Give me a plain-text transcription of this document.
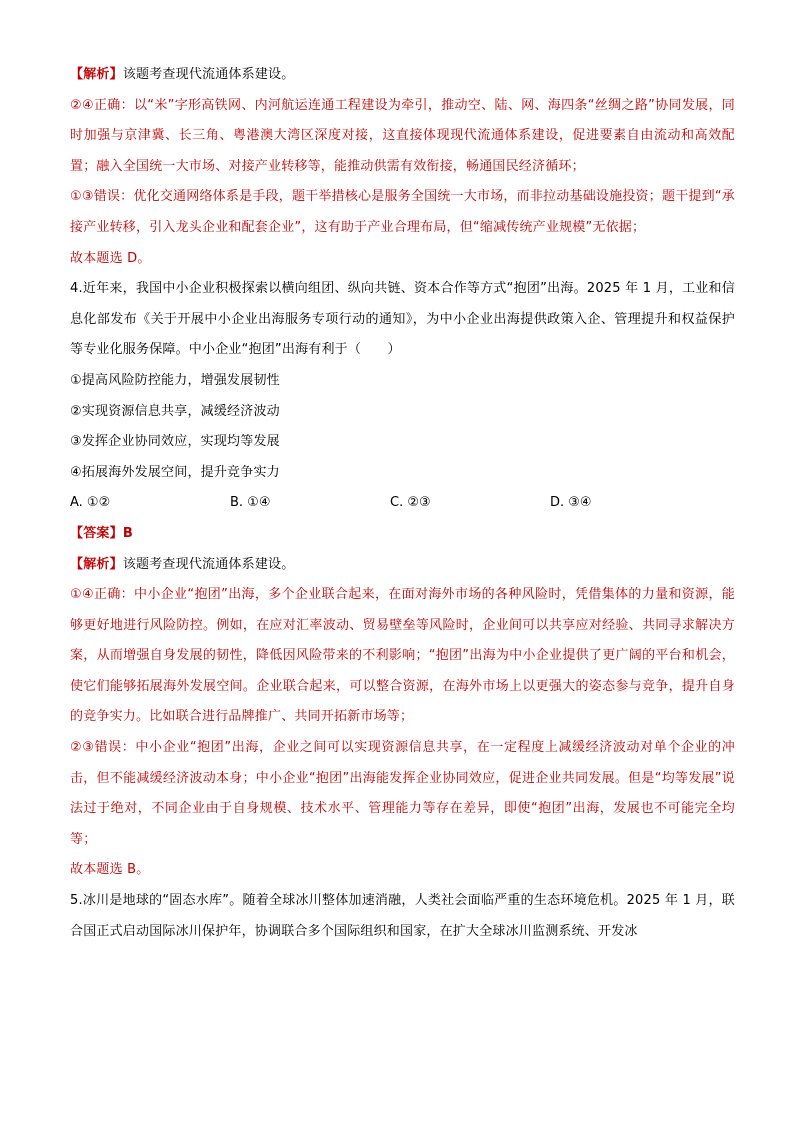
【解析】该题考查现代流通体系建设。

②④正确：以“米”字形高铁网、内河航运连通工程建设为牵引，推动空、陆、网、海四条“丝绸之路”协同发展，同时加强与京津冀、长三角、粤港澳大湾区深度对接，这直接体现现代流通体系建设，促进要素自由流动和高效配置；融入全国统一大市场、对接产业转移等，能推动供需有效衔接，畅通国民经济循环；

①③错误：优化交通网络体系是手段，题干举措核心是服务全国统一大市场，而非拉动基础设施投资；题干提到“承接产业转移，引入龙头企业和配套企业”，这有助于产业合理布局，但“缩减传统产业规模”无依据；

故本题选 D。

4.近年来，我国中小企业积极探索以横向组团、纵向共链、资本合作等方式“抱团”出海。2025 年 1 月，工业和信息化部发布《关于开展中小企业出海服务专项行动的通知》，为中小企业出海提供政策入企、管理提升和权益保护等专业化服务保障。中小企业“抱团”出海有利于（　　）

①提高风险防控能力，增强发展韧性

②实现资源信息共享，减缓经济波动

③发挥企业协同效应，实现均等发展

④拓展海外发展空间，提升竞争实力

A. ①②	B. ①④	C. ②③	D. ③④

【答案】B

【解析】该题考查现代流通体系建设。

①④正确：中小企业“抱团”出海，多个企业联合起来，在面对海外市场的各种风险时，凭借集体的力量和资源，能够更好地进行风险防控。例如，在应对汇率波动、贸易壁垒等风险时，企业间可以共享应对经验、共同寻求解决方案，从而增强自身发展的韧性，降低因风险带来的不利影响；“抱团”出海为中小企业提供了更广阔的平台和机会，使它们能够拓展海外发展空间。企业联合起来，可以整合资源，在海外市场上以更强大的姿态参与竞争，提升自身的竞争实力。比如联合进行品牌推广、共同开拓新市场等；

②③错误：中小企业“抱团”出海，企业之间可以实现资源信息共享，在一定程度上减缓经济波动对单个企业的冲击，但不能减缓经济波动本身；中小企业“抱团”出海能发挥企业协同效应，促进企业共同发展。但是“均等发展”说法过于绝对，不同企业由于自身规模、技术水平、管理能力等存在差异，即使“抱团”出海，发展也不可能完全均等；

故本题选 B。

5.冰川是地球的“固态水库”。随着全球冰川整体加速消融，人类社会面临严重的生态环境危机。2025 年 1 月，联合国正式启动国际冰川保护年，协调联合多个国际组织和国家，在扩大全球冰川监测系统、开发冰
